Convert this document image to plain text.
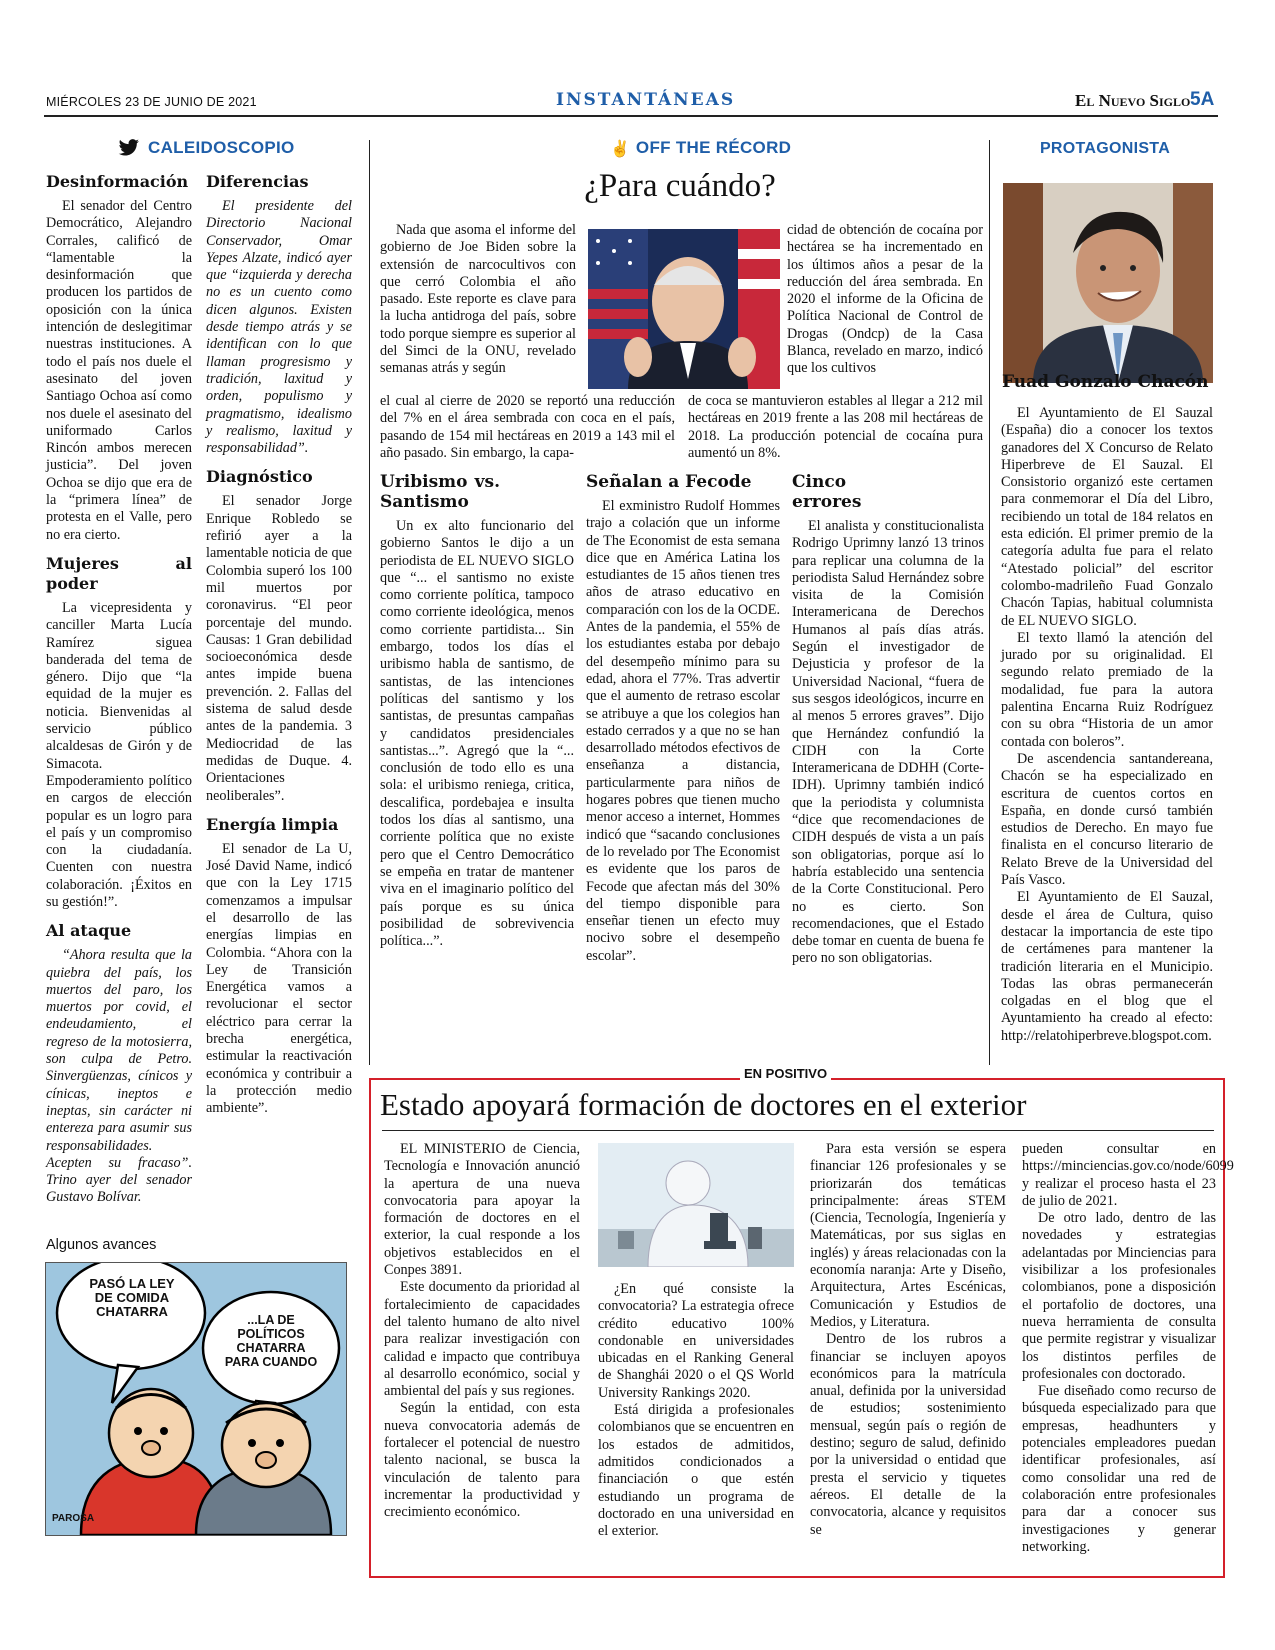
MIÉRCOLES 23 DE JUNIO DE 2021	INSTANTÁNEAS	El Nuevo Siglo 5A
CALEIDOSCOPIO
Desinformación

El senador del Centro Democrático, Alejandro Corrales, calificó de “lamentable la desinformación que producen los partidos de oposición con la única intención de deslegitimar nuestras instituciones. A todo el país nos duele el asesinato del joven Santiago Ochoa así como nos duele el asesinato del uniformado Carlos Rincón ambos merecen justicia”. Del joven Ochoa se dijo que era de la “primera línea” de protesta en el Valle, pero no era cierto.

Mujeres al poder

La vicepresidenta y canciller Marta Lucía Ramírez siguea banderada del tema de género. Dijo que “la equidad de la mujer es noticia. Bienvenidas al servicio público alcaldesas de Girón y de Simacota. Empoderamiento político en cargos de elección popular es un logro para el país y un compromiso con la ciudadanía. Cuenten con nuestra colaboración. ¡Éxitos en su gestión!”.

Al ataque

“Ahora resulta que la quiebra del país, los muertos del paro, los muertos por covid, el endeudamiento, el regreso de la motosierra, son culpa de Petro. Sinvergüenzas, cínicos y cínicas, ineptos e ineptas, sin carácter ni entereza para asumir sus responsabilidades. Acepten su fracaso”. Trino ayer del senador Gustavo Bolívar.

Diferencias

El presidente del Directorio Nacional Conservador, Omar Yepes Alzate, indicó ayer que “izquierda y derecha no es un cuento como dicen algunos. Existen desde tiempo atrás y se identifican con lo que llaman progresismo y tradición, laxitud y orden, populismo y pragmatismo, idealismo y realismo, laxitud y responsabilidad”.

Diagnóstico

El senador Jorge Enrique Robledo se refirió ayer a la lamentable noticia de que Colombia superó los 100 mil muertos por coronavirus. “El peor porcentaje del mundo. Causas: 1 Gran debilidad socioeconómica desde antes impide buena prevención. 2. Fallas del sistema de salud desde antes de la pandemia. 3 Mediocridad de las medidas de Duque. 4. Orientaciones neoliberales”.

Energía limpia

El senador de La U, José David Name, indicó que con la Ley 1715 comenzamos a impulsar el desarrollo de las energías limpias en Colombia. “Ahora con la Ley de Transición Energética vamos a revolucionar el sector eléctrico para cerrar la brecha energética, estimular la reactivación económica y contribuir a la protección medio ambiente”.

Algunos avances
PASÓ LA LEY DE COMIDA CHATARRA
...LA DE POLÍTICOS CHATARRA PARA CUANDO
PAROSA
✌ OFF THE RÉCORD
¿Para cuándo?

Nada que asoma el informe del gobierno de Joe Biden sobre la extensión de narcocultivos con que cerró Colombia el año pasado. Este reporte es clave para la lucha antidroga del país, sobre todo porque siempre es superior al del Simci de la ONU, revelado semanas atrás y según

cidad de obtención de cocaína por hectárea se ha incrementado en los últimos años a pesar de la reducción del área sembrada. En 2020 el informe de la Oficina de Política Nacional de Control de Drogas (Ondcp) de la Casa Blanca, revelado en marzo, indicó que los cultivos

el cual al cierre de 2020 se reportó una reducción del 7% en el área sembrada con coca en el país, pasando de 154 mil hectáreas en 2019 a 143 mil el año pasado. Sin embargo, la capa-

de coca se mantuvieron estables al llegar a 212 mil hectáreas en 2019 frente a las 208 mil hectáreas de 2018. La producción potencial de cocaína pura aumentó un 8%.

Uribismo vs. Santismo

Un ex alto funcionario del gobierno Santos le dijo a un periodista de EL NUEVO SIGLO que “... el santismo no existe como corriente política, tampoco como corriente ideológica, menos como corriente partidista... Sin embargo, todos los días el uribismo habla de santismo, de santistas, de las intenciones políticas del santismo y los santistas, de presuntas campañas y candidatos presidenciales santistas...”. Agregó que la “... conclusión de todo ello es una sola: el uribismo reniega, critica, descalifica, pordebajea e insulta todos los días al santismo, una corriente política que no existe pero que el Centro Democrático se empeña en tratar de mantener viva en el imaginario político del país porque es su única posibilidad de sobrevivencia política...”.

Señalan a Fecode

El exministro Rudolf Hommes trajo a colación que un informe de The Economist de esta semana dice que en América Latina los estudiantes de 15 años tienen tres años de atraso educativo en comparación con los de la OCDE. Antes de la pandemia, el 55% de los estudiantes estaba por debajo del desempeño mínimo para su edad, ahora el 77%. Tras advertir que el aumento de retraso escolar se atribuye a que los colegios han estado cerrados y a que no se han desarrollado métodos efectivos de enseñanza a distancia, particularmente para niños de hogares pobres que tienen mucho menor acceso a internet, Hommes indicó que “sacando conclusiones de lo revelado por The Economist es evidente que los paros de Fecode que afectan más del 30% del tiempo disponible para enseñar tienen un efecto muy nocivo sobre el desempeño escolar”.

Cinco errores

El analista y constitucionalista Rodrigo Uprimny lanzó 13 trinos para replicar una columna de la periodista Salud Hernández sobre visita de la Comisión Interamericana de Derechos Humanos al país días atrás. Según el investigador de Dejusticia y profesor de la Universidad Nacional, “fuera de sus sesgos ideológicos, incurre en al menos 5 errores graves”. Dijo que Hernández confundió la CIDH con la Corte Interamericana de DDHH (Corte-IDH). Uprimny también indicó que la periodista y columnista “dice que recomendaciones de CIDH después de vista a un país son obligatorias, porque así lo habría establecido una sentencia de la Corte Constitucional. Pero no es cierto. Son recomendaciones, que el Estado debe tomar en cuenta de buena fe pero no son obligatorias.

PROTAGONISTA
Fuad Gonzalo Chacón

El Ayuntamiento de El Sauzal (España) dio a conocer los textos ganadores del X Concurso de Relato Hiperbreve de El Sauzal. El Consistorio organizó este certamen para conmemorar el Día del Libro, recibiendo un total de 184 relatos en esta edición. El primer premio de la categoría adulta fue para el relato “Atestado policial” del escritor colombo-madrileño Fuad Gonzalo Chacón Tapias, habitual columnista de EL NUEVO SIGLO.

El texto llamó la atención del jurado por su originalidad. El segundo relato premiado de la modalidad, fue para la autora palentina Encarna Ruiz Rodríguez con su obra “Historia de un amor contada con boleros”.

De ascendencia santandereana, Chacón se ha especializado en escritura de cuentos cortos en España, en donde cursó también estudios de Derecho. En mayo fue finalista en el concurso literario de Relato Breve de la Universidad del País Vasco.

El Ayuntamiento de El Sauzal, desde el área de Cultura, quiso destacar la importancia de este tipo de certámenes para mantener la tradición literaria en el Municipio. Todas las obras permanecerán colgadas en el blog que el Ayuntamiento ha creado al efecto: http://relatohiperbreve.blogspot.com.

EN POSITIVO
Estado apoyará formación de doctores en el exterior

EL MINISTERIO de Ciencia, Tecnología e Innovación anunció la apertura de una nueva convocatoria para apoyar la formación de doctores en el exterior, la cual responde a los objetivos establecidos en el Conpes 3891.

Este documento da prioridad al fortalecimiento de capacidades del talento humano de alto nivel para realizar investigación con calidad e impacto que contribuya al desarrollo económico, social y ambiental del país y sus regiones.

Según la entidad, con esta nueva convocatoria además de fortalecer el potencial de nuestro talento nacional, se busca la vinculación de talento para incrementar la productividad y crecimiento económico.

¿En qué consiste la convocatoria? La estrategia ofrece crédito educativo 100% condonable en universidades ubicadas en el Ranking General de Shanghái 2020 o el QS World University Rankings 2020.

Está dirigida a profesionales colombianos que se encuentren en los estados de admitidos, admitidos condicionados a financiación o que estén estudiando un programa de doctorado en una universidad en el exterior.

Para esta versión se espera financiar 126 profesionales y se priorizarán dos temáticas principalmente: áreas STEM (Ciencia, Tecnología, Ingeniería y Matemáticas, por sus siglas en inglés) y áreas relacionadas con la economía naranja: Arte y Diseño, Arquitectura, Artes Escénicas, Comunicación y Estudios de Medios, y Literatura.

Dentro de los rubros a financiar se incluyen apoyos económicos para la matrícula anual, definida por la universidad de estudios; sostenimiento mensual, según país o región de destino; seguro de salud, definido por la universidad o entidad que presta el servicio y tiquetes aéreos. El detalle de la convocatoria, alcance y requisitos se

pueden consultar en https://minciencias.gov.co/node/6099 y realizar el proceso hasta el 23 de julio de 2021.

De otro lado, dentro de las novedades y estrategias adelantadas por Minciencias para visibilizar a los profesionales colombianos, pone a disposición el portafolio de doctores, una nueva herramienta de consulta que permite registrar y visualizar los distintos perfiles de profesionales con doctorado.

Fue diseñado como recurso de búsqueda especializado para que empresas, headhunters y potenciales empleadores puedan identificar profesionales, así como consolidar una red de colaboración entre profesionales para dar a conocer sus investigaciones y generar networking.
